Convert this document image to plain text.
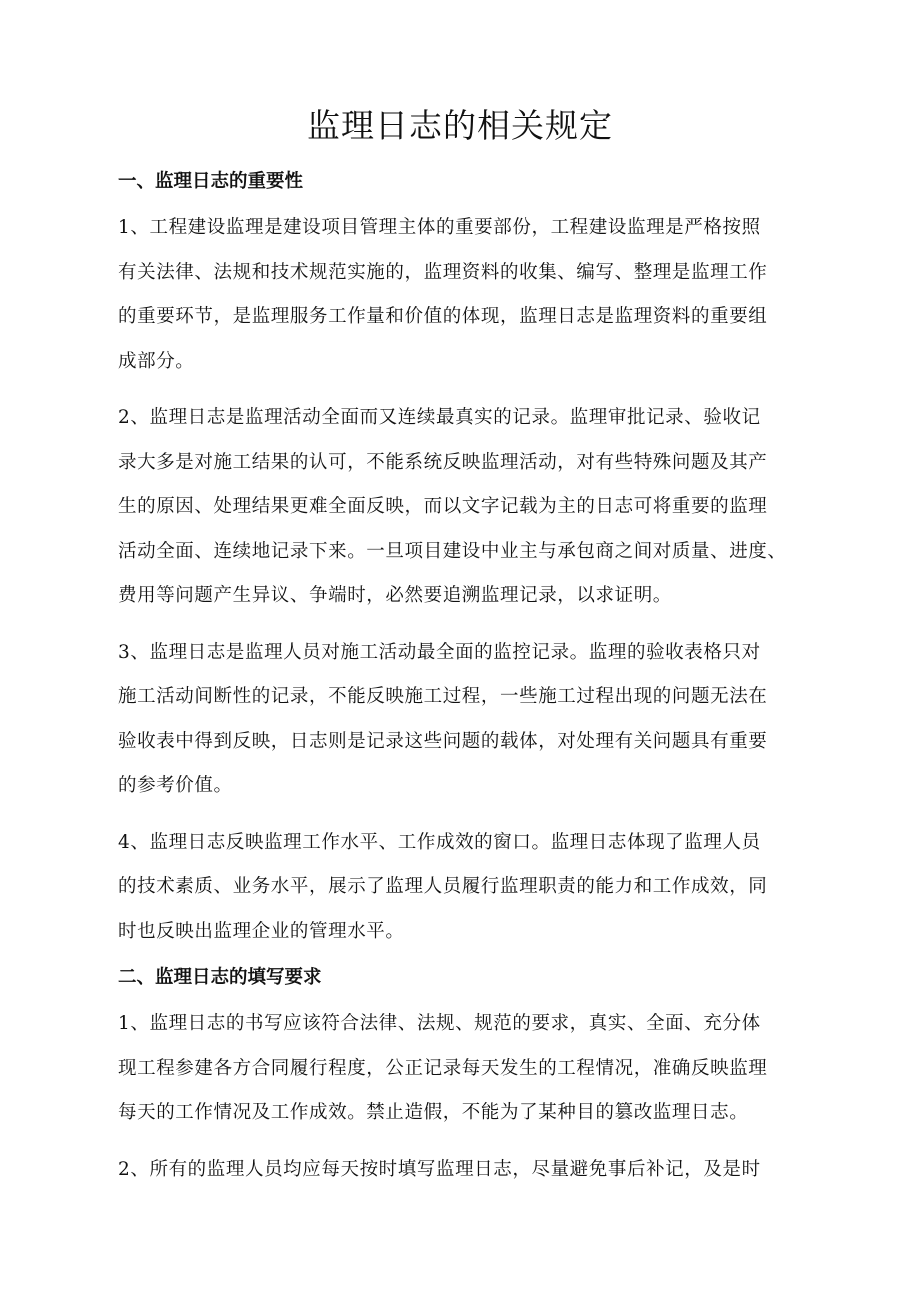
监理日志的相关规定
一、监理日志的重要性

1、工程建设监理是建设项目管理主体的重要部份，工程建设监理是严格按照
有关法律、法规和技术规范实施的，监理资料的收集、编写、整理是监理工作
的重要环节，是监理服务工作量和价值的体现，监理日志是监理资料的重要组
成部分。

2、监理日志是监理活动全面而又连续最真实的记录。监理审批记录、验收记
录大多是对施工结果的认可，不能系统反映监理活动，对有些特殊问题及其产
生的原因、处理结果更难全面反映，而以文字记载为主的日志可将重要的监理
活动全面、连续地记录下来。一旦项目建设中业主与承包商之间对质量、进度、
费用等问题产生异议、争端时，必然要追溯监理记录，以求证明。

3、监理日志是监理人员对施工活动最全面的监控记录。监理的验收表格只对
施工活动间断性的记录，不能反映施工过程，一些施工过程出现的问题无法在
验收表中得到反映，日志则是记录这些问题的载体，对处理有关问题具有重要
的参考价值。

4、监理日志反映监理工作水平、工作成效的窗口。监理日志体现了监理人员
的技术素质、业务水平，展示了监理人员履行监理职责的能力和工作成效，同
时也反映出监理企业的管理水平。

二、监理日志的填写要求

1、监理日志的书写应该符合法律、法规、规范的要求，真实、全面、充分体
现工程参建各方合同履行程度，公正记录每天发生的工程情况，准确反映监理
每天的工作情况及工作成效。禁止造假，不能为了某种目的篡改监理日志。

2、所有的监理人员均应每天按时填写监理日志，尽量避免事后补记，及是时
